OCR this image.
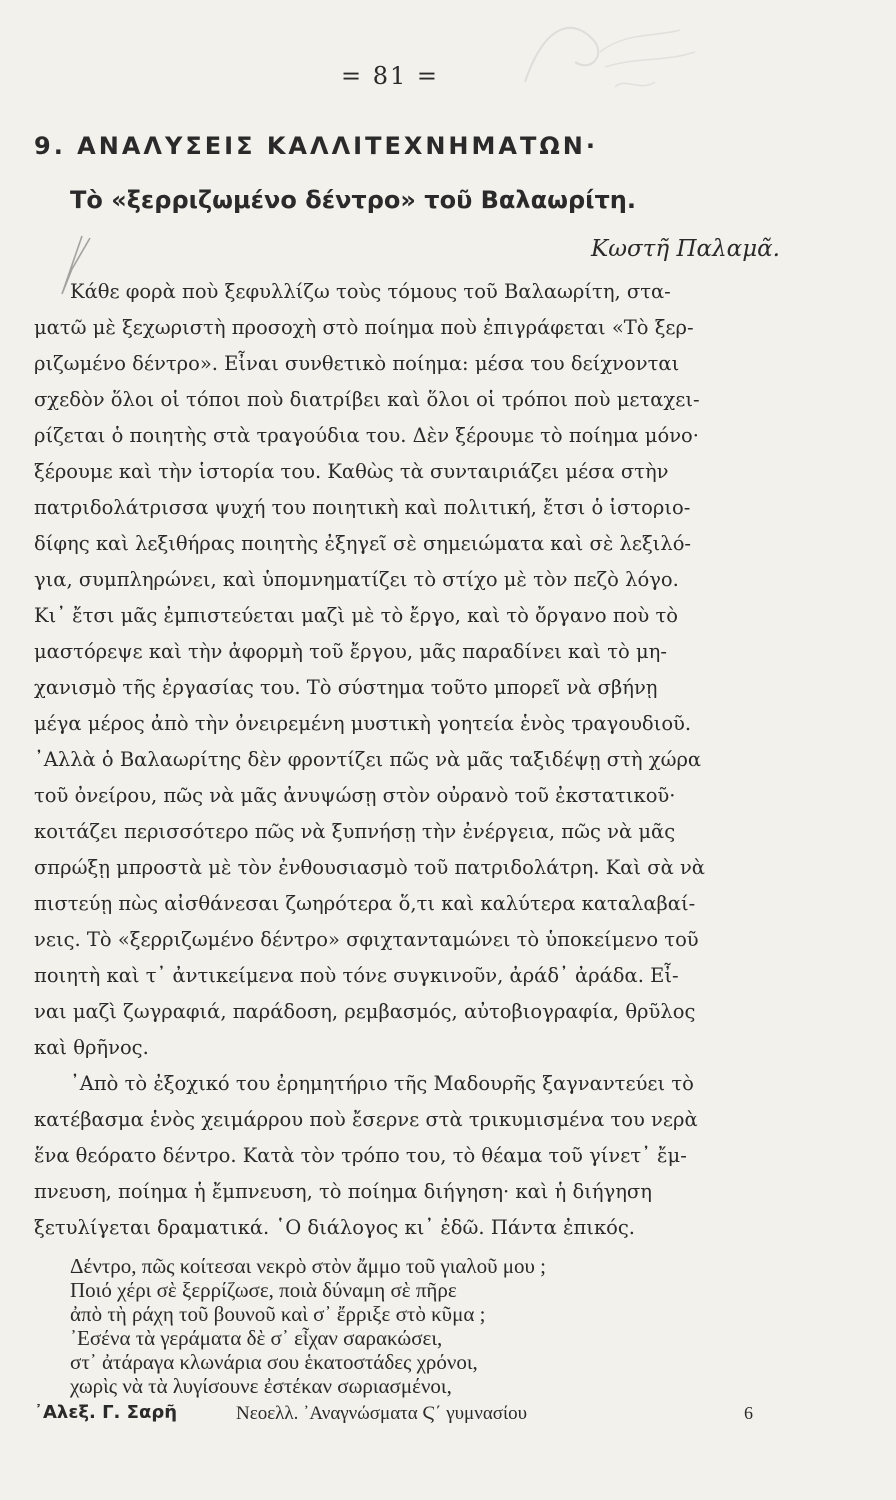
= 81 =
9. ΑΝΑΛΥΣΕΙΣ ΚΑΛΛΙΤΕΧΝΗΜΑΤΩΝ·
Τὸ «ξερριζωμένο δέντρο» τοῦ Βαλαωρίτη.
Κωστῆ Παλαμᾶ.
Κάθε φορὰ ποὺ ξεφυλλίζω τοὺς τόμους τοῦ Βαλαωρίτη, στα-
ματῶ μὲ ξεχωριστὴ προσοχὴ στὸ ποίημα ποὺ ἐπιγράφεται «Τὸ ξερ-
ριζωμένο δέντρο». Εἶναι συνθετικὸ ποίημα: μέσα του δείχνονται
σχεδὸν ὅλοι οἱ τόποι ποὺ διατρίβει καὶ ὅλοι οἱ τρόποι ποὺ μεταχει-
ρίζεται ὁ ποιητὴς στὰ τραγούδια του. Δὲν ξέρουμε τὸ ποίημα μόνο·
ξέρουμε καὶ τὴν ἱστορία του. Καθὼς τὰ συνταιριάζει μέσα στὴν
πατριδολάτρισσα ψυχή του ποιητικὴ καὶ πολιτική, ἔτσι ὁ ἱστοριο-
δίφης καὶ λεξιθήρας ποιητὴς ἐξηγεῖ σὲ σημειώματα καὶ σὲ λεξιλό-
για, συμπληρώνει, καὶ ὑπομνηματίζει τὸ στίχο μὲ τὸν πεζὸ λόγο.
Κι᾿ ἔτσι μᾶς ἐμπιστεύεται μαζὶ μὲ τὸ ἔργο, καὶ τὸ ὄργανο ποὺ τὸ
μαστόρεψε καὶ τὴν ἀφορμὴ τοῦ ἔργου, μᾶς παραδίνει καὶ τὸ μη-
χανισμὸ τῆς ἐργασίας του. Τὸ σύστημα τοῦτο μπορεῖ νὰ σβήνῃ
μέγα μέρος ἀπὸ τὴν ὀνειρεμένη μυστικὴ γοητεία ἑνὸς τραγουδιοῦ.
᾿Αλλὰ ὁ Βαλαωρίτης δὲν φροντίζει πῶς νὰ μᾶς ταξιδέψῃ στὴ χώρα
τοῦ ὀνείρου, πῶς νὰ μᾶς ἀνυψώσῃ στὸν οὐρανὸ τοῦ ἐκστατικοῦ·
κοιτάζει περισσότερο πῶς νὰ ξυπνήσῃ τὴν ἐνέργεια, πῶς νὰ μᾶς
σπρώξῃ μπροστὰ μὲ τὸν ἐνθουσιασμὸ τοῦ πατριδολάτρη. Καὶ σὰ νὰ
πιστεύῃ πὼς αἰσθάνεσαι ζωηρότερα ὅ,τι καὶ καλύτερα καταλαβαί-
νεις. Τὸ «ξερριζωμένο δέντρο» σφιχτανταμώνει τὸ ὑποκείμενο τοῦ
ποιητὴ καὶ τ᾿ ἀντικείμενα ποὺ τόνε συγκινοῦν, ἀράδ᾿ ἀράδα. Εἶ-
ναι μαζὶ ζωγραφιά, παράδοση, ρεμβασμός, αὐτοβιογραφία, θρῦλος
καὶ θρῆνος.
᾿Απὸ τὸ ἐξοχικό του ἐρημητήριο τῆς Μαδουρῆς ξαγναντεύει τὸ
κατέβασμα ἑνὸς χειμάρρου ποὺ ἔσερνε στὰ τρικυμισμένα του νερὰ
ἕνα θεόρατο δέντρο. Κατὰ τὸν τρόπο του, τὸ θέαμα τοῦ γίνετ᾿ ἔμ-
πνευση, ποίημα ἡ ἔμπνευση, τὸ ποίημα διήγηση· καὶ ἡ διήγηση
ξετυλίγεται δραματικά. ῾Ο διάλογος κι᾿ ἐδῶ. Πάντα ἐπικός.
Δέντρο, πῶς κοίτεσαι νεκρὸ στὸν ἄμμο τοῦ γιαλοῦ μου ;
Ποιό χέρι σὲ ξερρίζωσε, ποιὰ δύναμη σὲ πῆρε
ἀπὸ τὴ ράχη τοῦ βουνοῦ καὶ σ᾿ ἔρριξε στὸ κῦμα ;
᾿Εσένα τὰ γεράματα δὲ σ᾿ εἶχαν σαρακώσει,
στ᾿ ἀτάραγα κλωνάρια σου ἑκατοστάδες χρόνοι,
χωρὶς νὰ τὰ λυγίσουνε ἐστέκαν σωριασμένοι,
᾿Αλεξ. Γ. Σαρῆ	Νεοελλ. ᾿Αναγνώσματα Ϛ΄ γυμνασίου	6
